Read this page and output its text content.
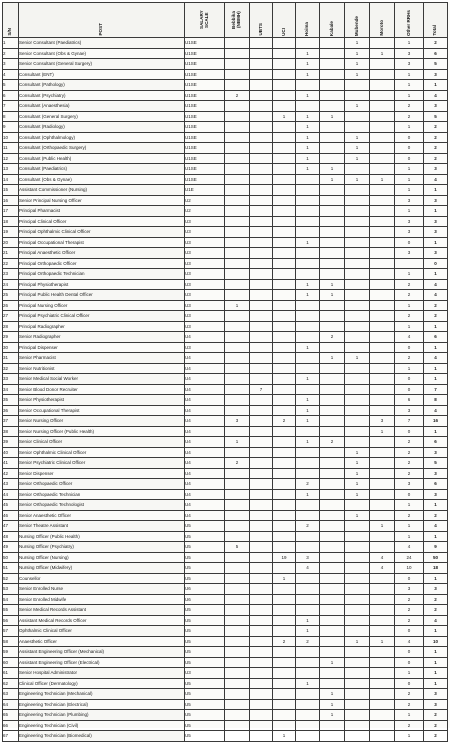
S/N	POST	SALARY SCALE	Bebbika (NBMH)	UBTS	UCI	Hoima	Kabale	Mubende	Moroto	Other RRHs	Total
1	Senior Consultant (Paediatrics)	U1SE						1		1	2
2	Senior Consultant (Obs & Gynae)	U1SE				1		1	1	3	6
3	Senior Consultant (General Surgery)	U1SE				1		1		3	5
4	Consultant (ENT)	U1SE				1		1		1	3
5	Consultant (Pathology)	U1SE								1	1
6	Consultant (Psychiatry)	U1SE	2			1				1	4
7	Consultant (Anaesthesia)	U1SE						1		2	3
8	Consultant (General Surgery)	U1SE			1	1	1			2	5
9	Consultant (Radiology)	U1SE				1				1	2
10	Consultant (Ophthalmology)	U1SE				1		1		0	2
11	Consultant (Orthopaedic Surgery)	U1SE				1		1		0	2
12	Consultant (Public Health)	U1SE				1		1		0	2
13	Consultant (Paediatrics)	U1SE				1	1			1	3
14	Consultant (Obs & Gynae)	U1SE					1	1	1	1	4
15	Assistant Commissioner (Nursing)	U1E								1	1
16	Senior Principal Nursing Officer	U2								3	3
17	Principal Pharmacist	U2								1	1
18	Principal Clinical Officer	U3								3	3
19	Principal Ophthalmic Clinical Officer	U3								3	3
20	Principal Occupational Therapist	U3				1				0	1
21	Principal Anaesthetic Officer	U3								3	3
22	Principal Orthopaedic Officer	U3									0
23	Principal Orthopaedic Technician	U3								1	1
24	Principal Physiotherapist	U3				1	1			2	4
25	Principal Public Health Dental Officer	U3				1	1			2	4
26	Principal Nursing Officer	U3	1							1	2
27	Principal Psychiatric Clinical Officer	U3								2	2
28	Principal Radiographer	U3								1	1
29	Senior Radiographer	U4					2			4	6
30	Principal Dispenser	U3				1				0	1
31	Senior Pharmacist	U4					1	1		2	4
32	Senior Nutritionist	U4								1	1
33	Senior Medical Social Worker	U4				1				0	1
34	Senior Blood Donor Recruiter	U4		7						0	7
35	Senior Physiotherapist	U4				1				6	8
36	Senior Occupational Therapist	U4				1				3	4
37	Senior Nursing Officer	U4	3		2	1			3	7	16
38	Senior Nursing Officer (Public Health)	U4							1	0	1
39	Senior Clinical Officer	U4	1			1	2			2	6
40	Senior Ophthalmic Clinical Officer	U4						1		2	3
41	Senior Psychiatric Clinical Officer	U4	2					1		2	5
42	Senior Dispenser	U4						1		2	3
43	Senior Orthopaedic Officer	U4				2		1		3	6
44	Senior Orthopaedic Technician	U4				1		1		0	3
45	Senior Orthopaedic Technologist	U4								1	1
46	Senior Anaesthetic Officer	U4						1		2	2
47	Senior Theatre Assistant	U5				2			1	1	4
48	Nursing Officer (Public Health)	U5								1	1
49	Nursing Officer (Psychiatry)	U5	5							4	9
50	Nursing Officer (Nursing)	U5			19	3			4	24	50
51	Nursing Officer (Midwifery)	U5				4			4	10	18
52	Counsellor	U5			1					0	1
53	Senior Enrolled Nurse	U6								3	3
54	Senior Enrolled Midwife	U6								2	2
55	Senior Medical Records Assistant	U5								2	2
56	Assistant Medical Records Officer	U5				1				2	4
57	Ophthalmic Clinical Officer	U5				1				0	1
58	Anaesthetic Officer	U5			2	2		1	1	4	10
59	Assistant Engineering Officer (Mechanical)	U5								0	1
60	Assistant Engineering Officer (Electrical)	U5					1			0	1
61	Senior Hospital Administrator	U3								1	1
62	Clinical Officer (Dermatology)	U5				1				0	1
63	Engineering Technician (Mechanical)	U5					1			2	3
64	Engineering Technician (Electrical)	U5					1			2	3
65	Engineering Technician (Plumbing)	U5					1			1	2
66	Engineering Technician (Civil)	U5								2	2
67	Engineering Technician (Biomedical)	U5			1					1	2
